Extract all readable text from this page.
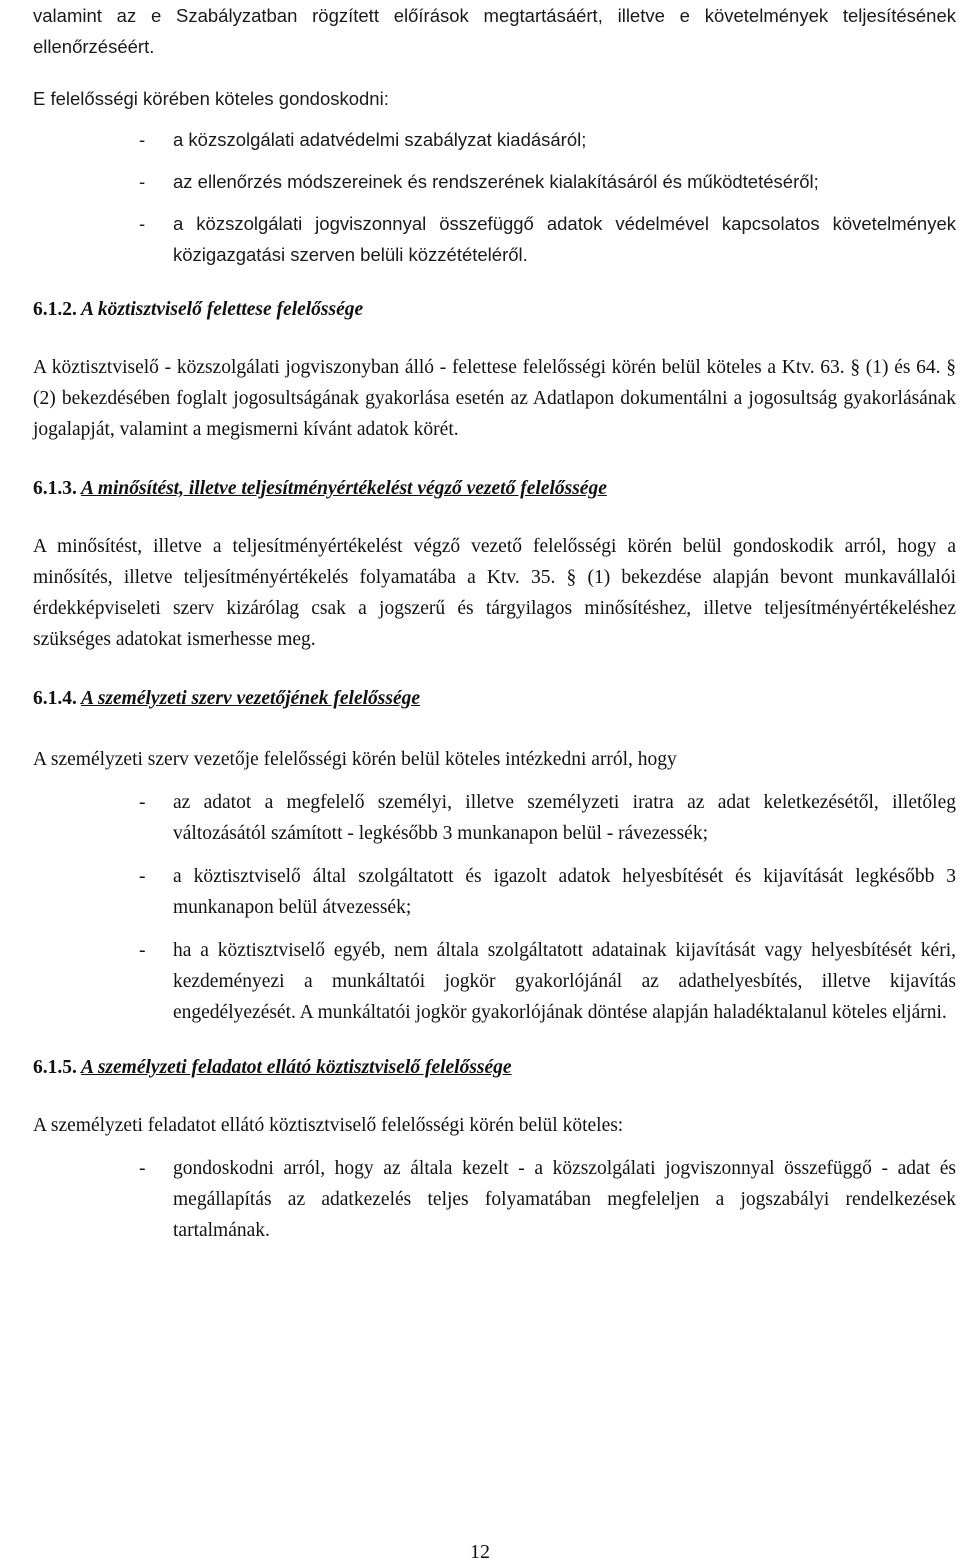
valamint az e Szabályzatban rögzített előírások megtartásáért, illetve e követelmények teljesítésének ellenőrzéséért.

E felelősségi körében köteles gondoskodni:

- a közszolgálati adatvédelmi szabályzat kiadásáról;
- az ellenőrzés módszereinek és rendszerének kialakításáról és működtetéséről;
- a közszolgálati jogviszonnyal összefüggő adatok védelmével kapcsolatos követelmények közigazgatási szerven belüli közzétételéről.
6.1.2. A köztisztviselő felettese felelőssége

A köztisztviselő - közszolgálati jogviszonyban álló - felettese felelősségi körén belül köteles a Ktv. 63. § (1) és 64. § (2) bekezdésében foglalt jogosultságának gyakorlása esetén az Adatlapon dokumentálni a jogosultság gyakorlásának jogalapját, valamint a megismerni kívánt adatok körét.

6.1.3. A minősítést, illetve teljesítményértékelést végző vezető felelőssége

A minősítést, illetve a teljesítményértékelést végző vezető felelősségi körén belül gondoskodik arról, hogy a minősítés, illetve teljesítményértékelés folyamatába a Ktv. 35. § (1) bekezdése alapján bevont munkavállalói érdekképviseleti szerv kizárólag csak a jogszerű és tárgyilagos minősítéshez, illetve teljesítményértékeléshez szükséges adatokat ismerhesse meg.

6.1.4. A személyzeti szerv vezetőjének felelőssége

A személyzeti szerv vezetője felelősségi körén belül köteles intézkedni arról, hogy

- az adatot a megfelelő személyi, illetve személyzeti iratra az adat keletkezésétől, illetőleg változásától számított - legkésőbb 3 munkanapon belül - rávezessék;
- a köztisztviselő által szolgáltatott és igazolt adatok helyesbítését és kijavítását legkésőbb 3 munkanapon belül átvezessék;
- ha a köztisztviselő egyéb, nem általa szolgáltatott adatainak kijavítását vagy helyesbítését kéri, kezdeményezi a munkáltatói jogkör gyakorlójánál az adathelyesbítés, illetve kijavítás engedélyezését. A munkáltatói jogkör gyakorlójának döntése alapján haladéktalanul köteles eljárni.
6.1.5. A személyzeti feladatot ellátó köztisztviselő felelőssége

A személyzeti feladatot ellátó köztisztviselő felelősségi körén belül köteles:

- gondoskodni arról, hogy az általa kezelt - a közszolgálati jogviszonnyal összefüggő - adat és megállapítás az adatkezelés teljes folyamatában megfeleljen a jogszabályi rendelkezések tartalmának.
12
